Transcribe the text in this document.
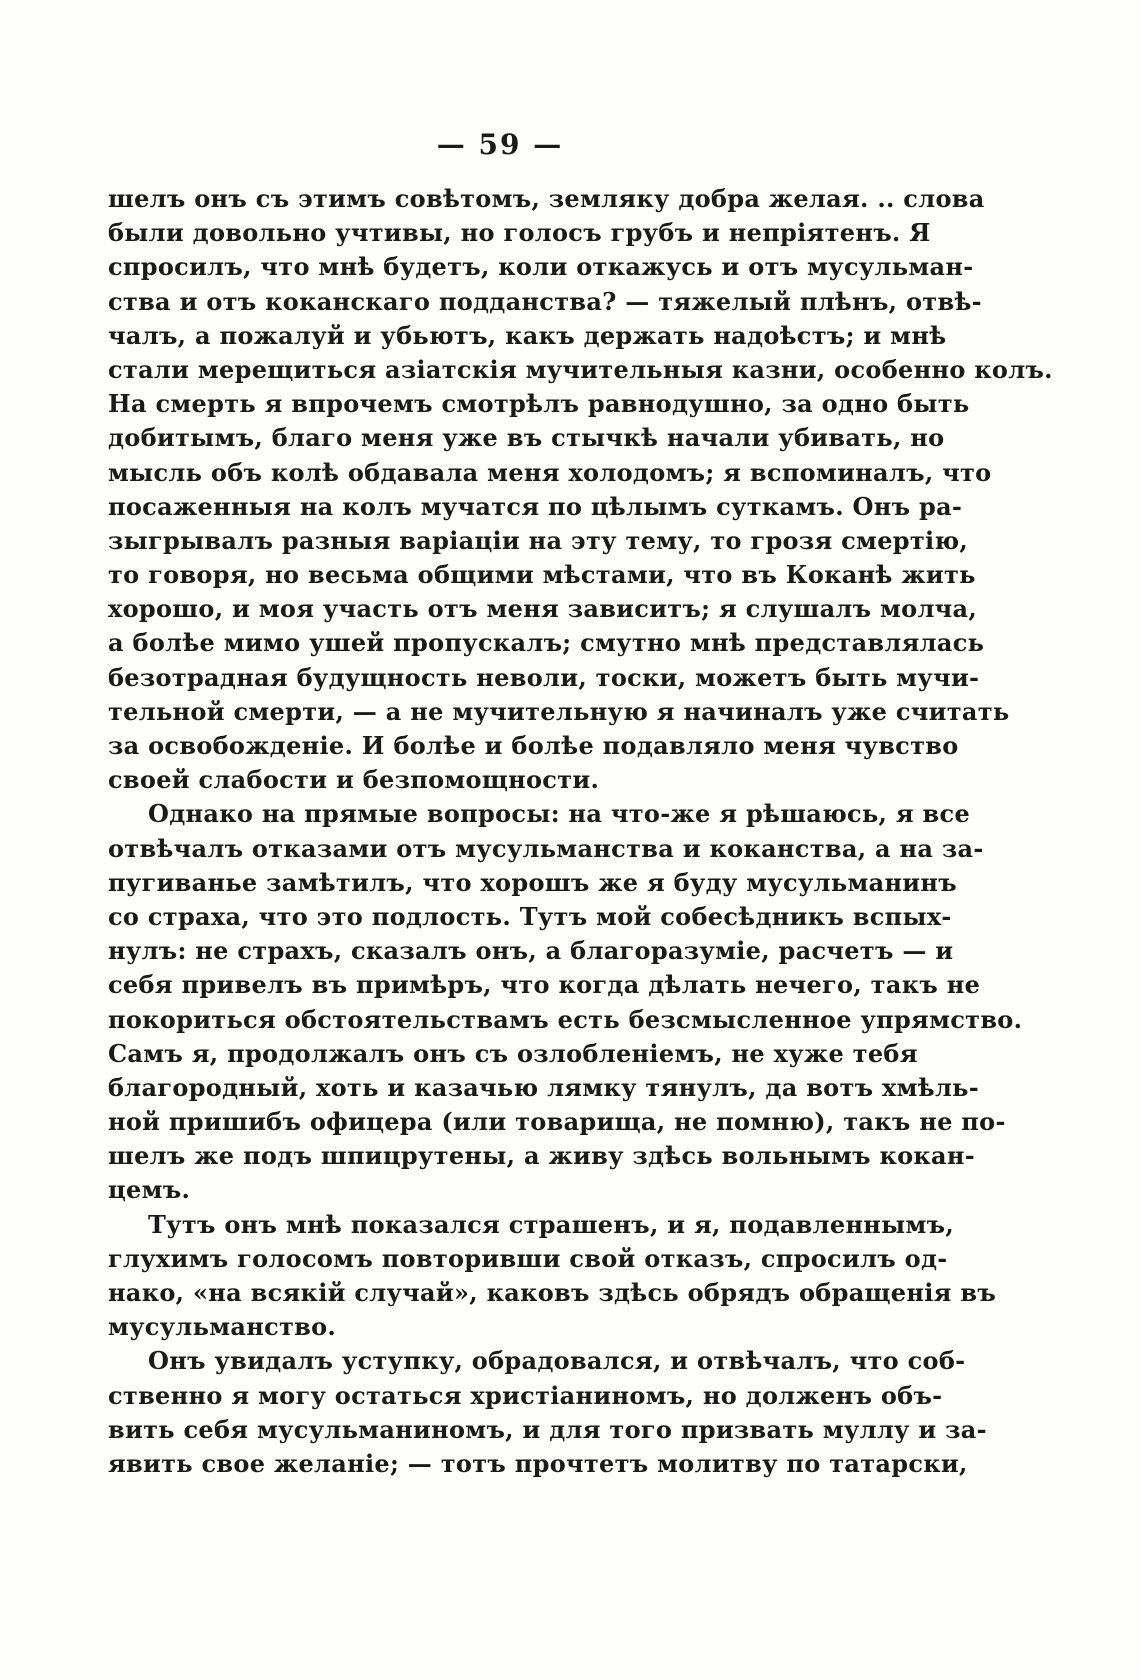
— 59 —
шелъ онъ съ этимъ совѣтомъ, земляку добра желая. .. слова
были довольно учтивы, но голосъ грубъ и непріятенъ. Я
спросилъ, что мнѣ будетъ, коли откажусь и отъ мусульман-
ства и отъ коканскаго подданства? — тяжелый плѣнъ, отвѣ-
чалъ, а пожалуй и убьютъ, какъ держать надоѣстъ; и мнѣ
стали мерещиться азіатскія мучительныя казни, особенно колъ.
На смерть я впрочемъ смотрѣлъ равнодушно, за одно быть
добитымъ, благо меня уже въ стычкѣ начали убивать, но
мысль объ колѣ обдавала меня холодомъ; я вспоминалъ, что
посаженныя на колъ мучатся по цѣлымъ суткамъ. Онъ ра-
зыгрывалъ разныя варіаціи на эту тему, то грозя смертію,
то говоря, но весьма общими мѣстами, что въ Коканѣ жить
хорошо, и моя участь отъ меня зависитъ; я слушалъ молча,
а болѣе мимо ушей пропускалъ; смутно мнѣ представлялась
безотрадная будущность неволи, тоски, можетъ быть мучи-
тельной смерти, — а не мучительную я начиналъ уже считать
за освобожденіе. И болѣе и болѣе подавляло меня чувство
своей слабости и безпомощности.
Однако на прямые вопросы: на что-же я рѣшаюсь, я все
отвѣчалъ отказами отъ мусульманства и коканства, а на за-
пугиванье замѣтилъ, что хорошъ же я буду мусульманинъ
со страха, что это подлость. Тутъ мой собесѣдникъ вспых-
нулъ: не страхъ, сказалъ онъ, а благоразуміе, расчетъ — и
себя привелъ въ примѣръ, что когда дѣлать нечего, такъ не
покориться обстоятельствамъ есть безсмысленное упрямство.
Самъ я, продолжалъ онъ съ озлобленіемъ, не хуже тебя
благородный, хоть и казачью лямку тянулъ, да вотъ хмѣль-
ной пришибъ офицера (или товарища, не помню), такъ не по-
шелъ же подъ шпицрутены, а живу здѣсь вольнымъ кокан-
цемъ.
Тутъ онъ мнѣ показался страшенъ, и я, подавленнымъ,
глухимъ голосомъ повторивши свой отказъ, спросилъ од-
нако, «на всякій случай», каковъ здѣсь обрядъ обращенія въ
мусульманство.
Онъ увидалъ уступку, обрадовался, и отвѣчалъ, что соб-
ственно я могу остаться христіаниномъ, но долженъ объ-
вить себя мусульманиномъ, и для того призвать муллу и за-
явить свое желаніе; — тотъ прочтетъ молитву по татарски,
